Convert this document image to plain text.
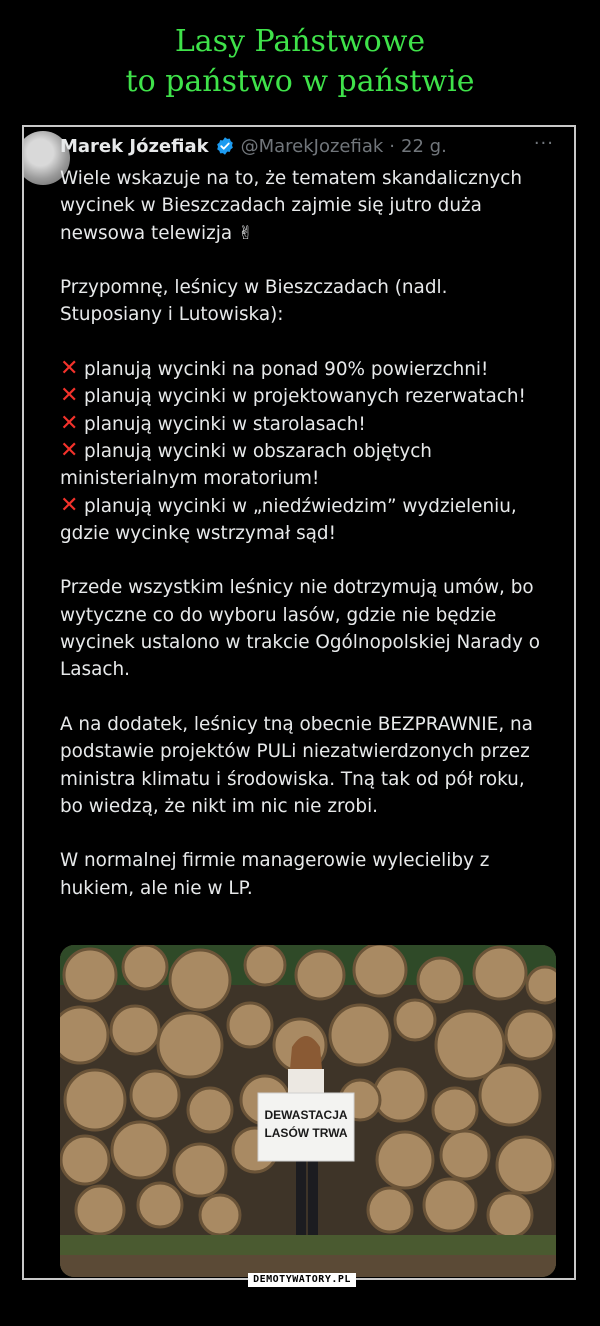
Lasy Państwowe
to państwo w państwie
Marek Józefiak @MarekJozefiak · 22 g.	···
Wiele wskazuje na to, że tematem skandalicznych
wycinek w Bieszczadach zajmie się jutro duża
newsowa telewizja ✌
Przypomnę, leśnicy w Bieszczadach (nadl.
Stuposiany i Lutowiska):
✕ planują wycinki na ponad 90% powierzchni!
✕ planują wycinki w projektowanych rezerwatach!
✕ planują wycinki w starolasach!
✕ planują wycinki w obszarach objętych
ministerialnym moratorium!
✕ planują wycinki w „niedźwiedzim” wydzieleniu,
gdzie wycinkę wstrzymał sąd!
Przede wszystkim leśnicy nie dotrzymują umów, bo
wytyczne co do wyboru lasów, gdzie nie będzie
wycinek ustalono w trakcie Ogólnopolskiej Narady o
Lasach.
A na dodatek, leśnicy tną obecnie BEZPRAWNIE, na
podstawie projektów PULi niezatwierdzonych przez
ministra klimatu i środowiska. Tną tak od pół roku,
bo wiedzą, że nikt im nic nie zrobi.
W normalnej firmie managerowie wylecieliby z
hukiem, ale nie w LP.
DEWASTACJA
LASÓW TRWA
DEMOTYWATORY.PL
